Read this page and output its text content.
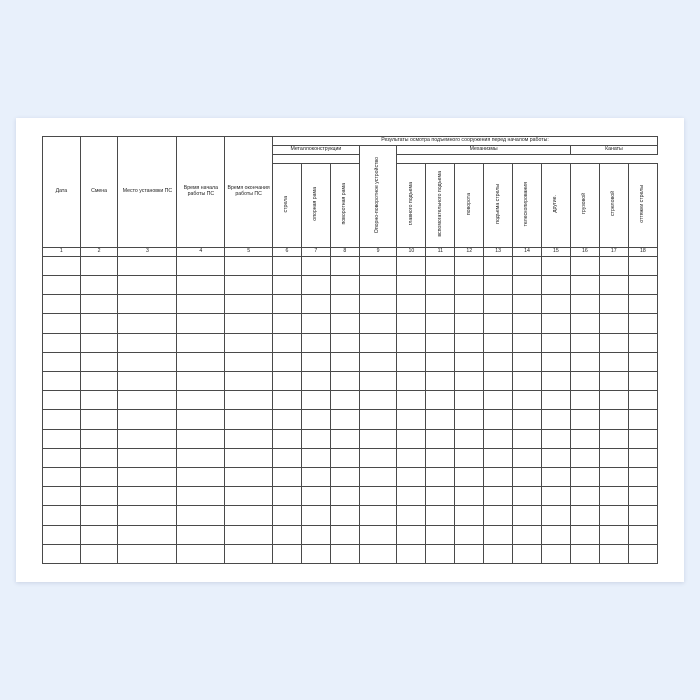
Дата	Смена	Место установки ПС	Время начала работы ПС	Время окончания работы ПС	Результаты осмотра подъемного сооружения перед началом работы:												
					Металлоконструкции			Опорно-поворотное устройство	Механизмы						Канаты		

					стрела	опорная рама	поворотная рама		главного подъема	вспомогательного подъема	поворота	подъема стрелы	телескопирования	другие.	грузовой	стреловой	оттяжки стрелы
1	2	3	4	5	6	7	8	9	10	11	12	13	14	15	16	17	18
